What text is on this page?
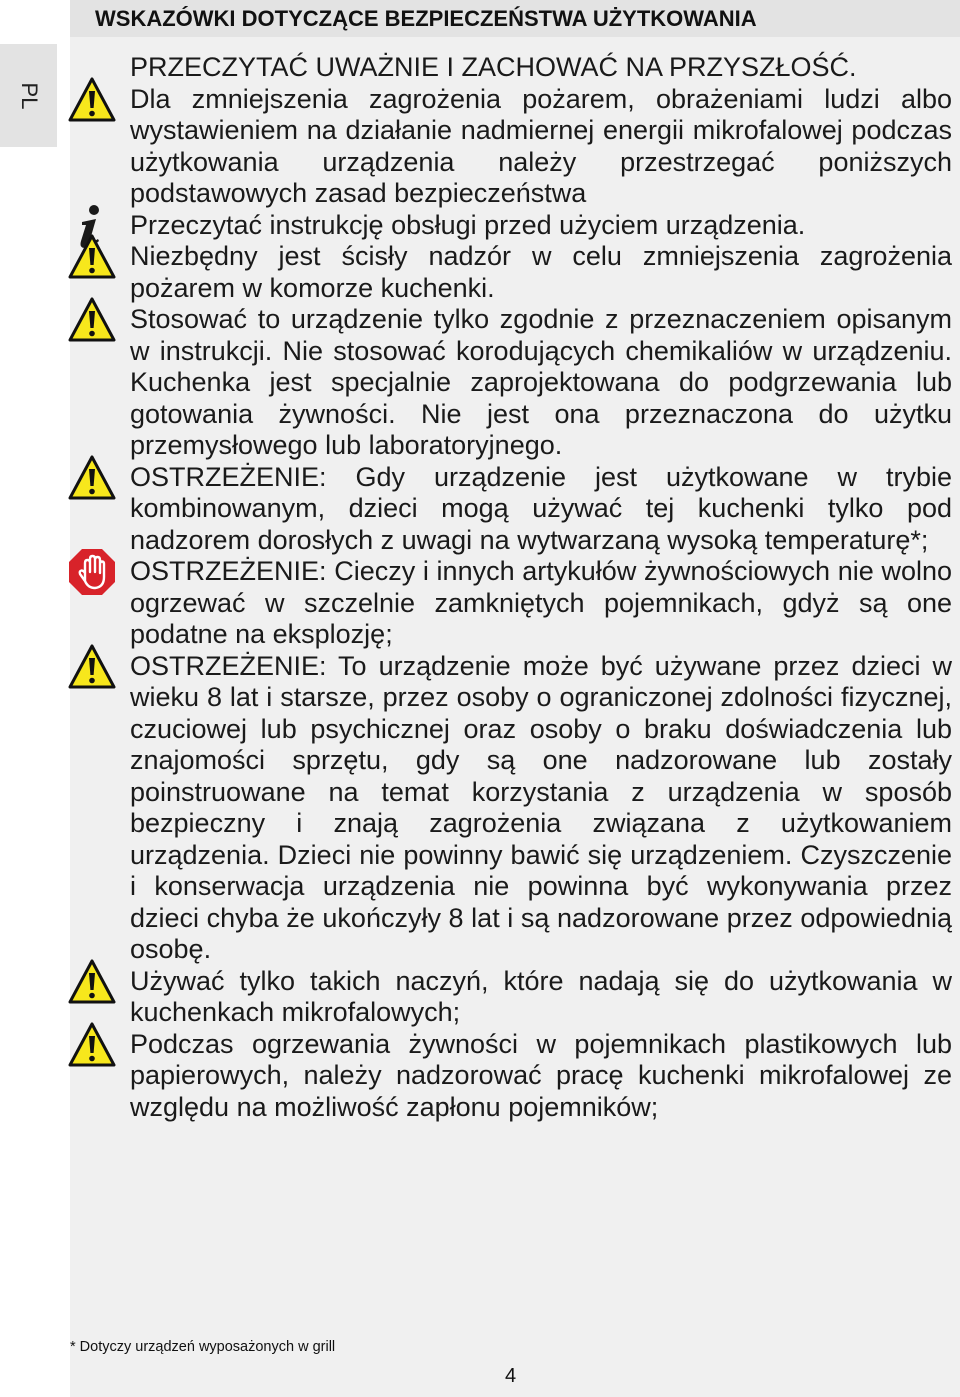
WSKAZÓWKI DOTYCZĄCE BEZPIECZEŃSTWA UŻYTKOWANIA
PL
PRZECZYTAĆ UWAŻNIE I ZACHOWAĆ NA PRZYSZŁOŚĆ.
Dla zmniejszenia zagrożenia pożarem, obrażeniami ludzi albo wystawieniem na działanie nadmiernej energii mikrofalowej podczas użytkowania urządzenia należy przestrzegać poniższych podstawowych zasad bezpieczeństwa
Przeczytać instrukcję obsługi przed użyciem urządzenia.
Niezbędny jest ścisły nadzór w celu zmniejszenia zagrożenia pożarem w komorze kuchenki.
Stosować to urządzenie tylko zgodnie z przeznaczeniem opisanym w instrukcji. Nie stosować korodujących chemikaliów w urządzeniu. Kuchenka jest specjalnie zaprojektowana do podgrzewania lub gotowania żywności. Nie jest ona przeznaczona do użytku przemysłowego lub laboratoryjnego.
OSTRZEŻENIE: Gdy urządzenie jest użytkowane w trybie kombinowanym, dzieci mogą używać tej kuchenki tylko pod nadzorem dorosłych z uwagi na wytwarzaną wysoką temperaturę*;
OSTRZEŻENIE: Cieczy i innych artykułów żywnościowych nie wolno ogrzewać w szczelnie zamkniętych pojemnikach, gdyż są one podatne na eksplozję;
OSTRZEŻENIE: To urządzenie może być używane przez dzieci w wieku 8 lat i starsze, przez osoby o ograniczonej zdolności fizycznej, czuciowej lub psychicznej oraz osoby o braku doświadczenia lub znajomości sprzętu, gdy są one nadzorowane lub zostały poinstruowane na temat korzystania z urządzenia w sposób bezpieczny i znają zagrożenia związana z użytkowaniem urządzenia. Dzieci nie powinny bawić się urządzeniem. Czyszczenie i konserwacja urządzenia nie powinna być wykonywania przez dzieci chyba że ukończyły 8 lat i są nadzorowane przez odpowiednią osobę.
Używać tylko takich naczyń, które nadają się do użytkowania w kuchenkach mikrofalowych;
Podczas ogrzewania żywności w pojemnikach plastikowych lub papierowych, należy nadzorować pracę kuchenki mikrofalowej ze względu na możliwość zapłonu pojemników;
* Dotyczy urządzeń wyposażonych w grill
4
